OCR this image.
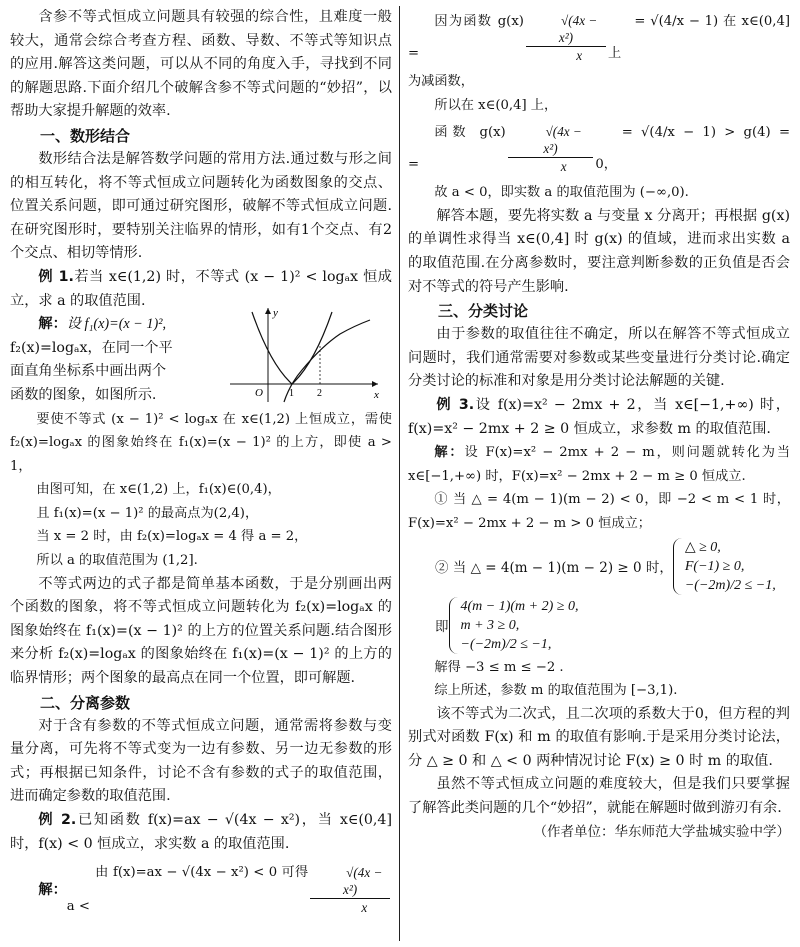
含参不等式恒成立问题具有较强的综合性，且难度一般较大，通常会综合考查方程、函数、导数、不等式等知识点的应用.解答这类问题，可以从不同的角度入手，寻找到不同的解题思路.下面介绍几个破解含参不等式问题的“妙招”，以帮助大家提升解题的效率.

一、数形结合

数形结合法是解答数学问题的常用方法.通过数与形之间的相互转化，将不等式恒成立问题转化为函数图象的交点、位置关系问题，即可通过研究图形，破解不等式恒成立问题.在研究图形时，要特别关注临界的情形，如有1个交点、有2个交点、相切等情形.

例 1.若当 x∈(1,2) 时，不等式 (x − 1)² < logₐx 恒成立，求 a 的取值范围.

解：设 f₁(x)=(x − 1)²,

f₂(x)=logₐx，在同一个平

面直角坐标系中画出两个

函数的图象，如图所示.

要使不等式 (x − 1)² < logₐx 在 x∈(1,2) 上恒成立，需使 f₂(x)=logₐx 的图象始终在 f₁(x)=(x − 1)² 的上方，即使 a > 1，

由图可知，在 x∈(1,2) 上，f₁(x)∈(0,4)，

且 f₁(x)=(x − 1)² 的最高点为(2,4)，

当 x = 2 时，由 f₂(x)=logₐx = 4 得 a = 2，

所以 a 的取值范围为 (1,2].

不等式两边的式子都是简单基本函数，于是分别画出两个函数的图象，将不等式恒成立问题转化为 f₂(x)=logₐx 的图象始终在 f₁(x)=(x − 1)² 的上方的位置关系问题.结合图形来分析 f₂(x)=logₐx 的图象始终在 f₁(x)=(x − 1)² 的上方的临界情形；两个图象的最高点在同一个位置，即可解题.

二、分离参数

对于含有参数的不等式恒成立问题，通常需将参数与变量分离，可先将不等式变为一边有参数、另一边无参数的形式；再根据已知条件，讨论不含有参数的式子的取值范围，进而确定参数的取值范围.

例 2.已知函数 f(x)=ax − √(4x − x²)，当 x∈(0,4] 时，f(x) < 0 恒成立，求实数 a 的取值范围.

解：
由 f(x)=ax − √(4x − x²) < 0 可得 a <	$\frac{\text{√(4x − x²)}}{x}$

x
y
O	1 2

因为函数 g(x) =	$\frac{\text{√(4x − x²)}}{x}$	= √(4/x − 1) 在 x∈(0,4] 上

为减函数，

所以在 x∈(0,4] 上，

函数 g(x) =	$\frac{\text{√(4x − x²)}}{x}$	= √(4/x − 1) > g(4) = 0，

故 a < 0，即实数 a 的取值范围为 (−∞,0).

解答本题，要先将实数 a 与变量 x 分离开；再根据 g(x) 的单调性求得当 x∈(0,4] 时 g(x) 的值域，进而求出实数 a 的取值范围.在分离参数时，要注意判断参数的正负值是否会对不等式的符号产生影响.

三、分类讨论

由于参数的取值往往不确定，所以在解答不等式恒成立问题时，我们通常需要对参数或某些变量进行分类讨论.确定分类讨论的标准和对象是用分类讨论法解题的关键.

例 3.设 f(x)=x² − 2mx + 2，当 x∈[−1,+∞) 时，f(x)=x² − 2mx + 2 ≥ 0 恒成立，求参数 m 的取值范围.

解：设 F(x)=x² − 2mx + 2 − m，则问题就转化为当 x∈[−1,+∞) 时，F(x)=x² − 2mx + 2 − m ≥ 0 恒成立.

① 当 △ = 4(m − 1)(m − 2) < 0，即 −2 < m < 1 时，F(x)=x² − 2mx + 2 − m > 0 恒成立；

② 当 △ = 4(m − 1)(m − 2) ≥ 0 时，
△ ≥ 0,
F(−1) ≥ 0,
−(−2m)/2 ≤ −1,
即
4(m − 1)(m + 2) ≥ 0,
m + 3 ≥ 0,
−(−2m)/2 ≤ −1,

解得 −3 ≤ m ≤ −2 .

综上所述，参数 m 的取值范围为 [−3,1).

该不等式为二次式，且二次项的系数大于0，但方程的判别式对函数 F(x) 和 m 的取值有影响.于是采用分类讨论法，分 △ ≥ 0 和 △ < 0 两种情况讨论 F(x) ≥ 0 时 m 的取值.

虽然不等式恒成立问题的难度较大，但是我们只要掌握了解答此类问题的几个“妙招”，就能在解题时做到游刃有余.

（作者单位：华东师范大学盐城实验中学）
